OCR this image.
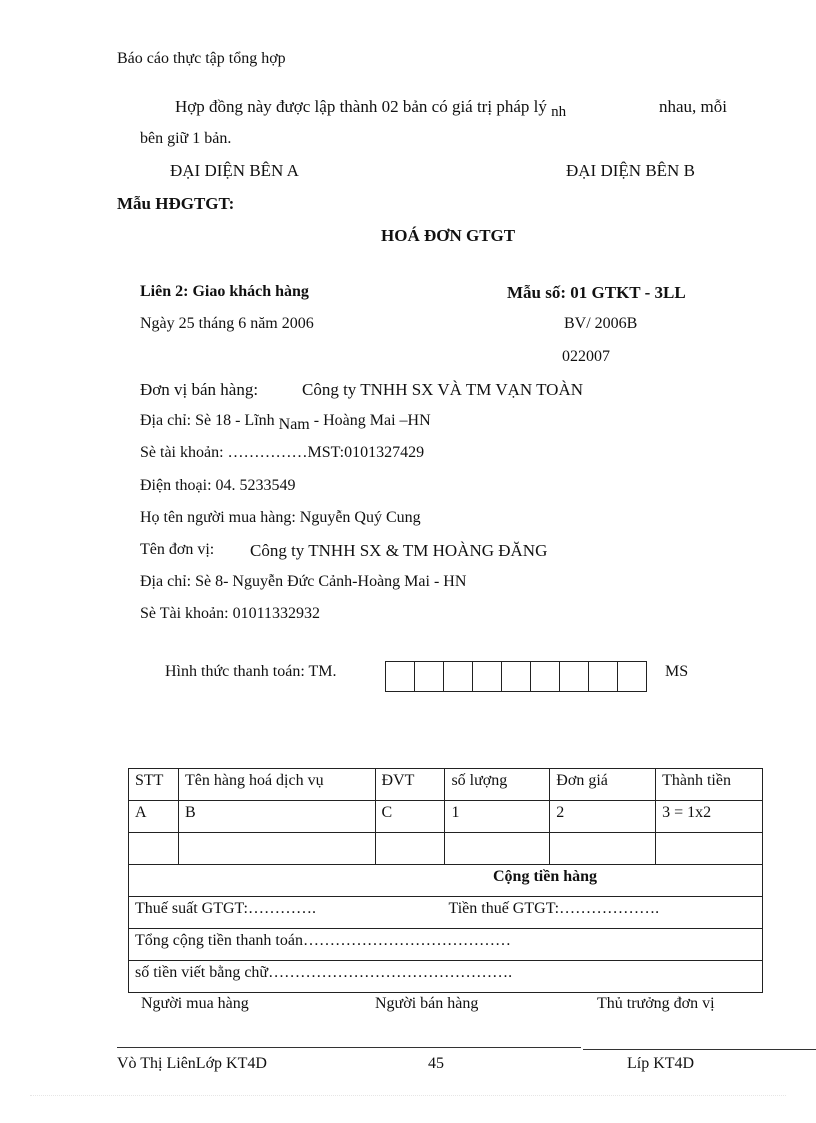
Báo cáo thực tập tổng hợp
Hợp đồng này được lập thành 02 bản có giá trị pháp lý nh	nhau, mỗi
bên giữ 1 bản.
ĐẠI DIỆN BÊN A	ĐẠI DIỆN BÊN B
Mẫu HĐGTGT:
HOÁ ĐƠN GTGT
Liên 2: Giao khách hàng	Mẫu số: 01 GTKT - 3LL
Ngày 25 tháng 6 năm 2006	BV/ 2006B
022007
Đơn vị bán hàng:	Công ty TNHH SX VÀ TM VẠN TOÀN
Địa chỉ: Sè 18 - Lĩnh Nam - Hoàng Mai –HN
Sè tài khoản: ……………MST:0101327429
Điện thoại: 04. 5233549
Họ tên người mua hàng: Nguyễn Quý Cung
Tên đơn vị: Công ty TNHH SX & TM HOÀNG ĐĂNG
Địa chỉ: Sè 8- Nguyễn Đức Cảnh-Hoàng Mai - HN
Sè Tài khoản: 01011332932
Hình thức thanh toán: TM.	MS
STT	Tên hàng hoá dịch vụ	ĐVT	số lượng	Đơn giá	Thành tiền
A	B	C	1	2	3 = 1x2

Cộng tiền hàng					
Thuế suất GTGT:…………. Tiền thuế GTGT:……………….					

Tổng cộng tiền thanh toán…………………………………					
số tiền viết bằng chữ……………………………………….					
Người mua hàng	Người bán hàng	Thủ trưởng đơn vị
Vò Thị LiênLớp KT4D	45	Líp KT4D
